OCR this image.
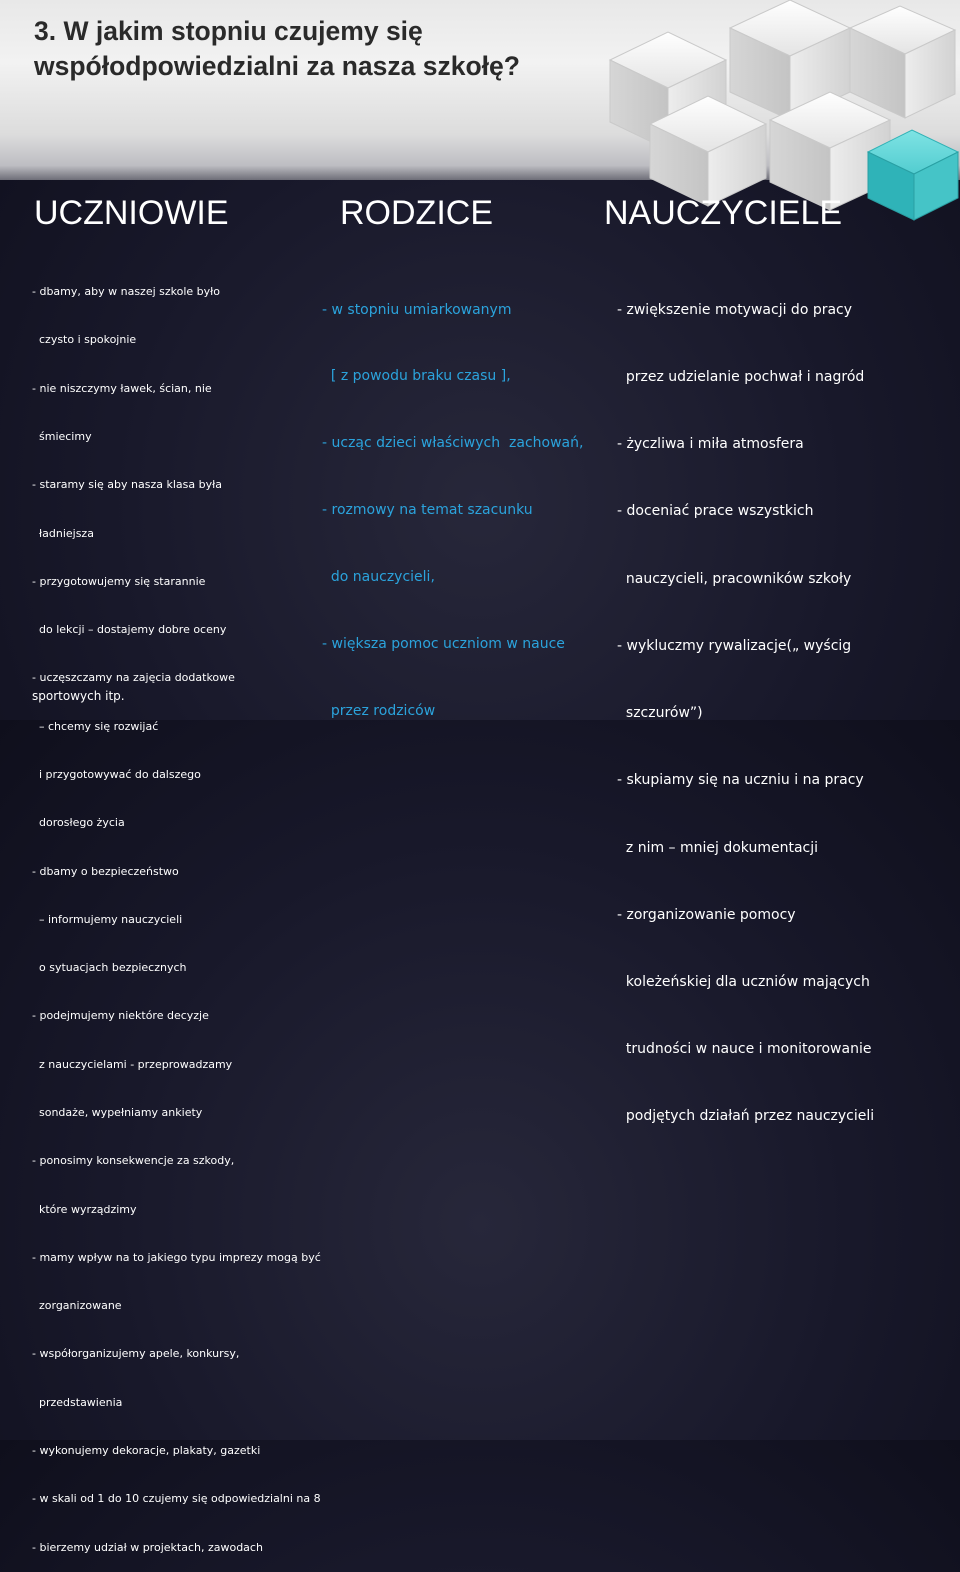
3. W jakim stopniu czujemy się
współodpowiedzialni za nasza szkołę?
UCZNIOWIE	RODZICE	NAUCZYCIELE

- dbamy, aby w naszej szkole było

czysto i spokojnie

- nie niszczymy ławek, ścian, nie

śmiecimy

- staramy się aby nasza klasa była

ładniejsza

- przygotowujemy się starannie

do lekcji – dostajemy dobre oceny

- uczęszczamy na zajęcia dodatkowe

– chcemy się rozwijać

i przygotowywać do dalszego

dorosłego życia

- dbamy o bezpieczeństwo

– informujemy nauczycieli

o sytuacjach bezpiecznych

- podejmujemy niektóre decyzje

z nauczycielami - przeprowadzamy

sondaże, wypełniamy ankiety

- ponosimy konsekwencje za szkody,

które wyrządzimy

- mamy wpływ na to jakiego typu imprezy mogą być

zorganizowane

- współorganizujemy apele, konkursy,

przedstawienia

- wykonujemy dekoracje, plakaty, gazetki

- w skali od 1 do 10 czujemy się odpowiedzialni na 8

- bierzemy udział w projektach, zawodach

sportowych itp.

- w stopniu umiarkowanym

[ z powodu braku czasu ],

- ucząc dzieci właściwych  zachowań,

- rozmowy na temat szacunku

do nauczycieli,

- większa pomoc uczniom w nauce

przez rodziców

- zwiększenie motywacji do pracy

przez udzielanie pochwał i nagród

- życzliwa i miła atmosfera

- doceniać prace wszystkich

nauczycieli, pracowników szkoły

- wykluczmy rywalizacje(„ wyścig

szczurów”)

- skupiamy się na uczniu i na pracy

z nim – mniej dokumentacji

- zorganizowanie pomocy

koleżeńskiej dla uczniów mających

trudności w nauce i monitorowanie

podjętych działań przez nauczycieli
